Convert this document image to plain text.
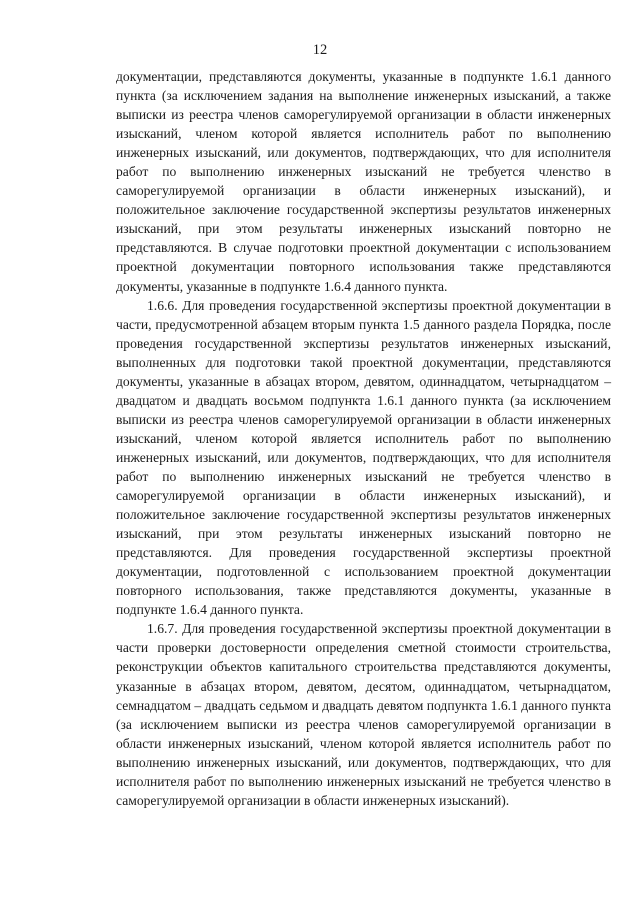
12

документации, представляются документы, указанные в подпункте 1.6.1 данного пункта (за исключением задания на выполнение инженерных изысканий, а также выписки из реестра членов саморегулируемой организации в области инженерных изысканий, членом которой является исполнитель работ по выполнению инженерных изысканий, или документов, подтверждающих, что для исполнителя работ по выполнению инженерных изысканий не требуется членство в саморегулируемой организации в области инженерных изысканий), и положительное заключение государственной экспертизы результатов инженерных изысканий, при этом результаты инженерных изысканий повторно не представляются. В случае подготовки проектной документации с использованием проектной документации повторного использования также представляются документы, указанные в подпункте 1.6.4 данного пункта.

1.6.6. Для проведения государственной экспертизы проектной документации в части, предусмотренной абзацем вторым пункта 1.5 данного раздела Порядка, после проведения государственной экспертизы результатов инженерных изысканий, выполненных для подготовки такой проектной документации, представляются документы, указанные в абзацах втором, девятом, одиннадцатом, четырнадцатом – двадцатом и двадцать восьмом подпункта 1.6.1 данного пункта (за исключением выписки из реестра членов саморегулируемой организации в области инженерных изысканий, членом которой является исполнитель работ по выполнению инженерных изысканий, или документов, подтверждающих, что для исполнителя работ по выполнению инженерных изысканий не требуется членство в саморегулируемой организации в области инженерных изысканий), и положительное заключение государственной экспертизы результатов инженерных изысканий, при этом результаты инженерных изысканий повторно не представляются. Для проведения государственной экспертизы проектной документации, подготовленной с использованием проектной документации повторного использования, также представляются документы, указанные в подпункте 1.6.4 данного пункта.

1.6.7. Для проведения государственной экспертизы проектной документации в части проверки достоверности определения сметной стоимости строительства, реконструкции объектов капитального строительства представляются документы, указанные в абзацах втором, девятом, десятом, одиннадцатом, четырнадцатом, семнадцатом – двадцать седьмом и двадцать девятом подпункта 1.6.1 данного пункта (за исключением выписки из реестра членов саморегулируемой организации в области инженерных изысканий, членом которой является исполнитель работ по выполнению инженерных изысканий, или документов, подтверждающих, что для исполнителя работ по выполнению инженерных изысканий не требуется членство в саморегулируемой организации в области инженерных изысканий).
